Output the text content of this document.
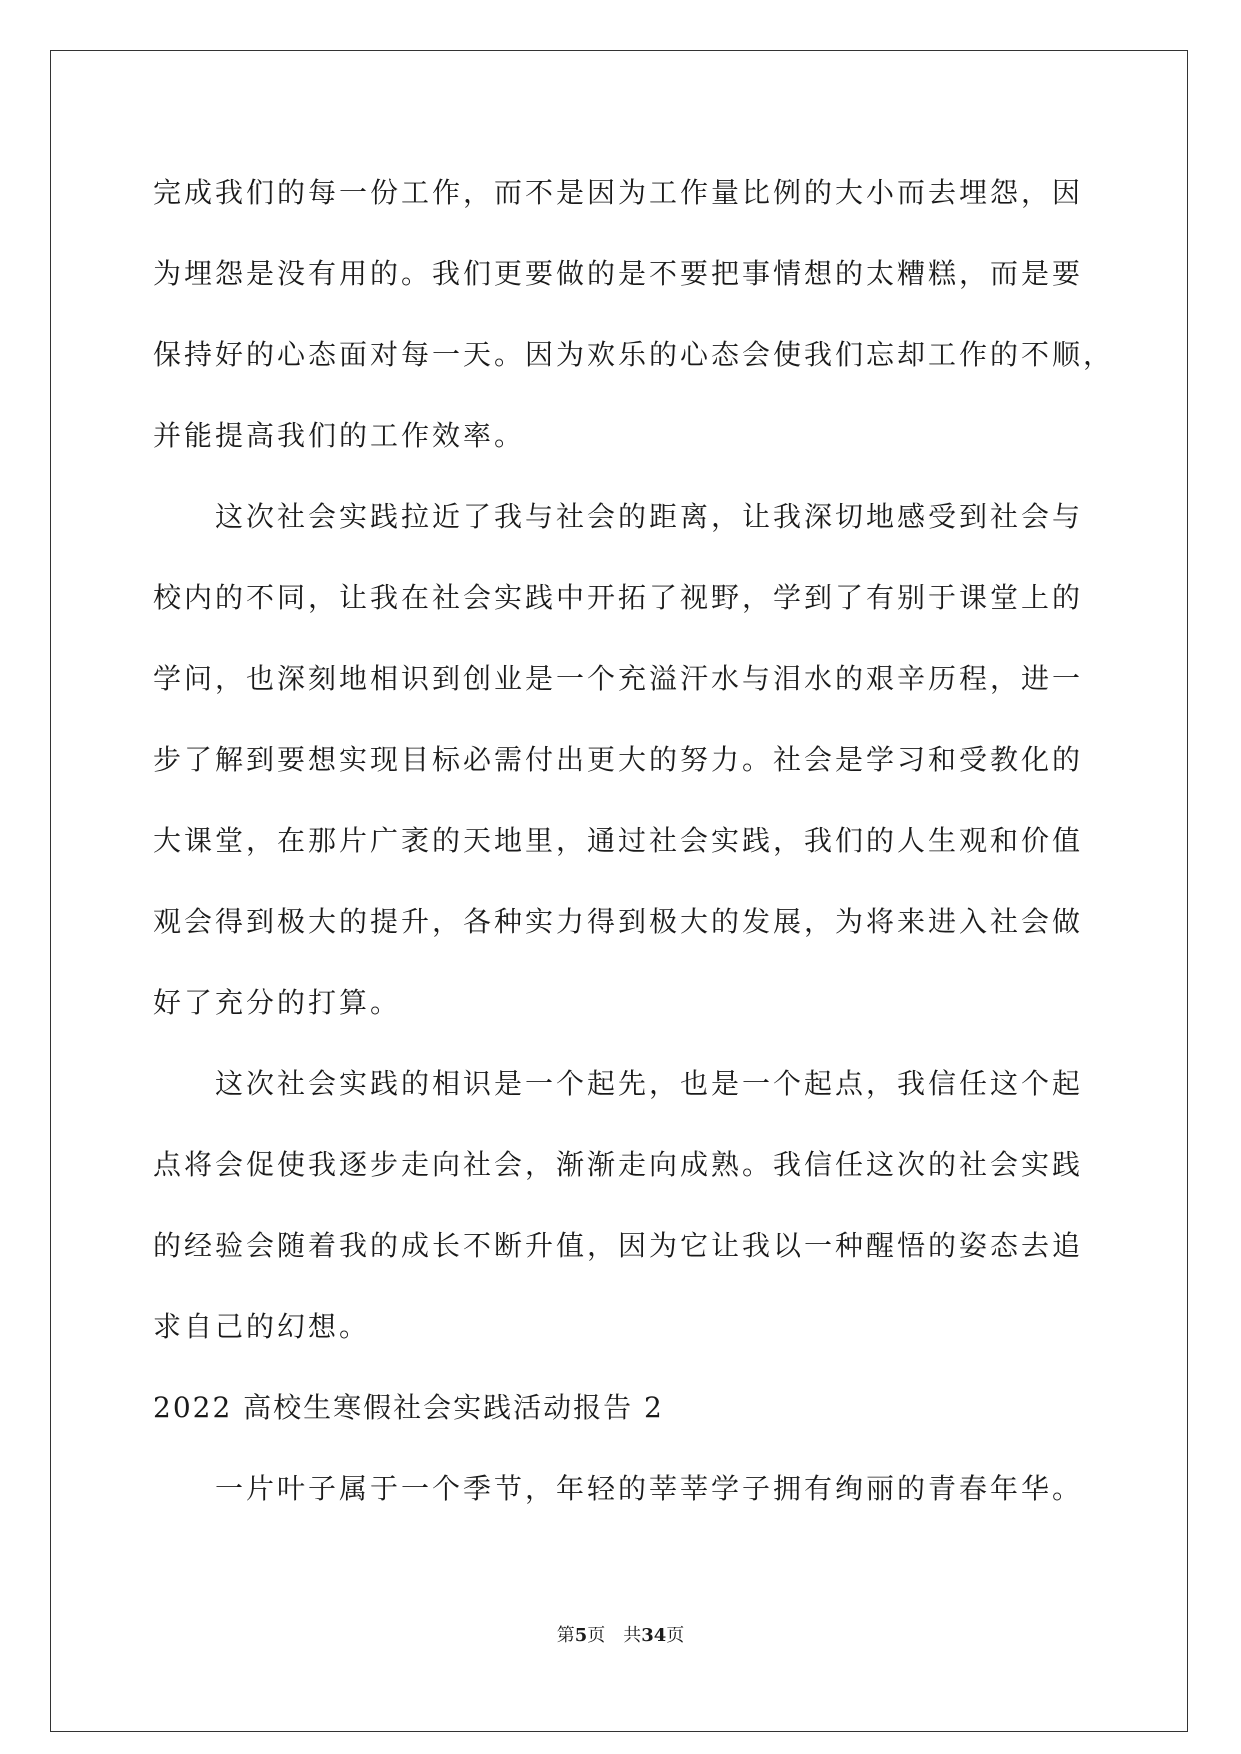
完成我们的每一份工作，而不是因为工作量比例的大小而去埋怨，因
为埋怨是没有用的。我们更要做的是不要把事情想的太糟糕，而是要
保持好的心态面对每一天。因为欢乐的心态会使我们忘却工作的不顺，
并能提高我们的工作效率。
这次社会实践拉近了我与社会的距离，让我深切地感受到社会与
校内的不同，让我在社会实践中开拓了视野，学到了有别于课堂上的
学问，也深刻地相识到创业是一个充溢汗水与泪水的艰辛历程，进一
步了解到要想实现目标必需付出更大的努力。社会是学习和受教化的
大课堂，在那片广袤的天地里，通过社会实践，我们的人生观和价值
观会得到极大的提升，各种实力得到极大的发展，为将来进入社会做
好了充分的打算。
这次社会实践的相识是一个起先，也是一个起点，我信任这个起
点将会促使我逐步走向社会，渐渐走向成熟。我信任这次的社会实践
的经验会随着我的成长不断升值，因为它让我以一种醒悟的姿态去追
求自己的幻想。
2022 高校生寒假社会实践活动报告 2
一片叶子属于一个季节，年轻的莘莘学子拥有绚丽的青春年华。
第5页 共34页
